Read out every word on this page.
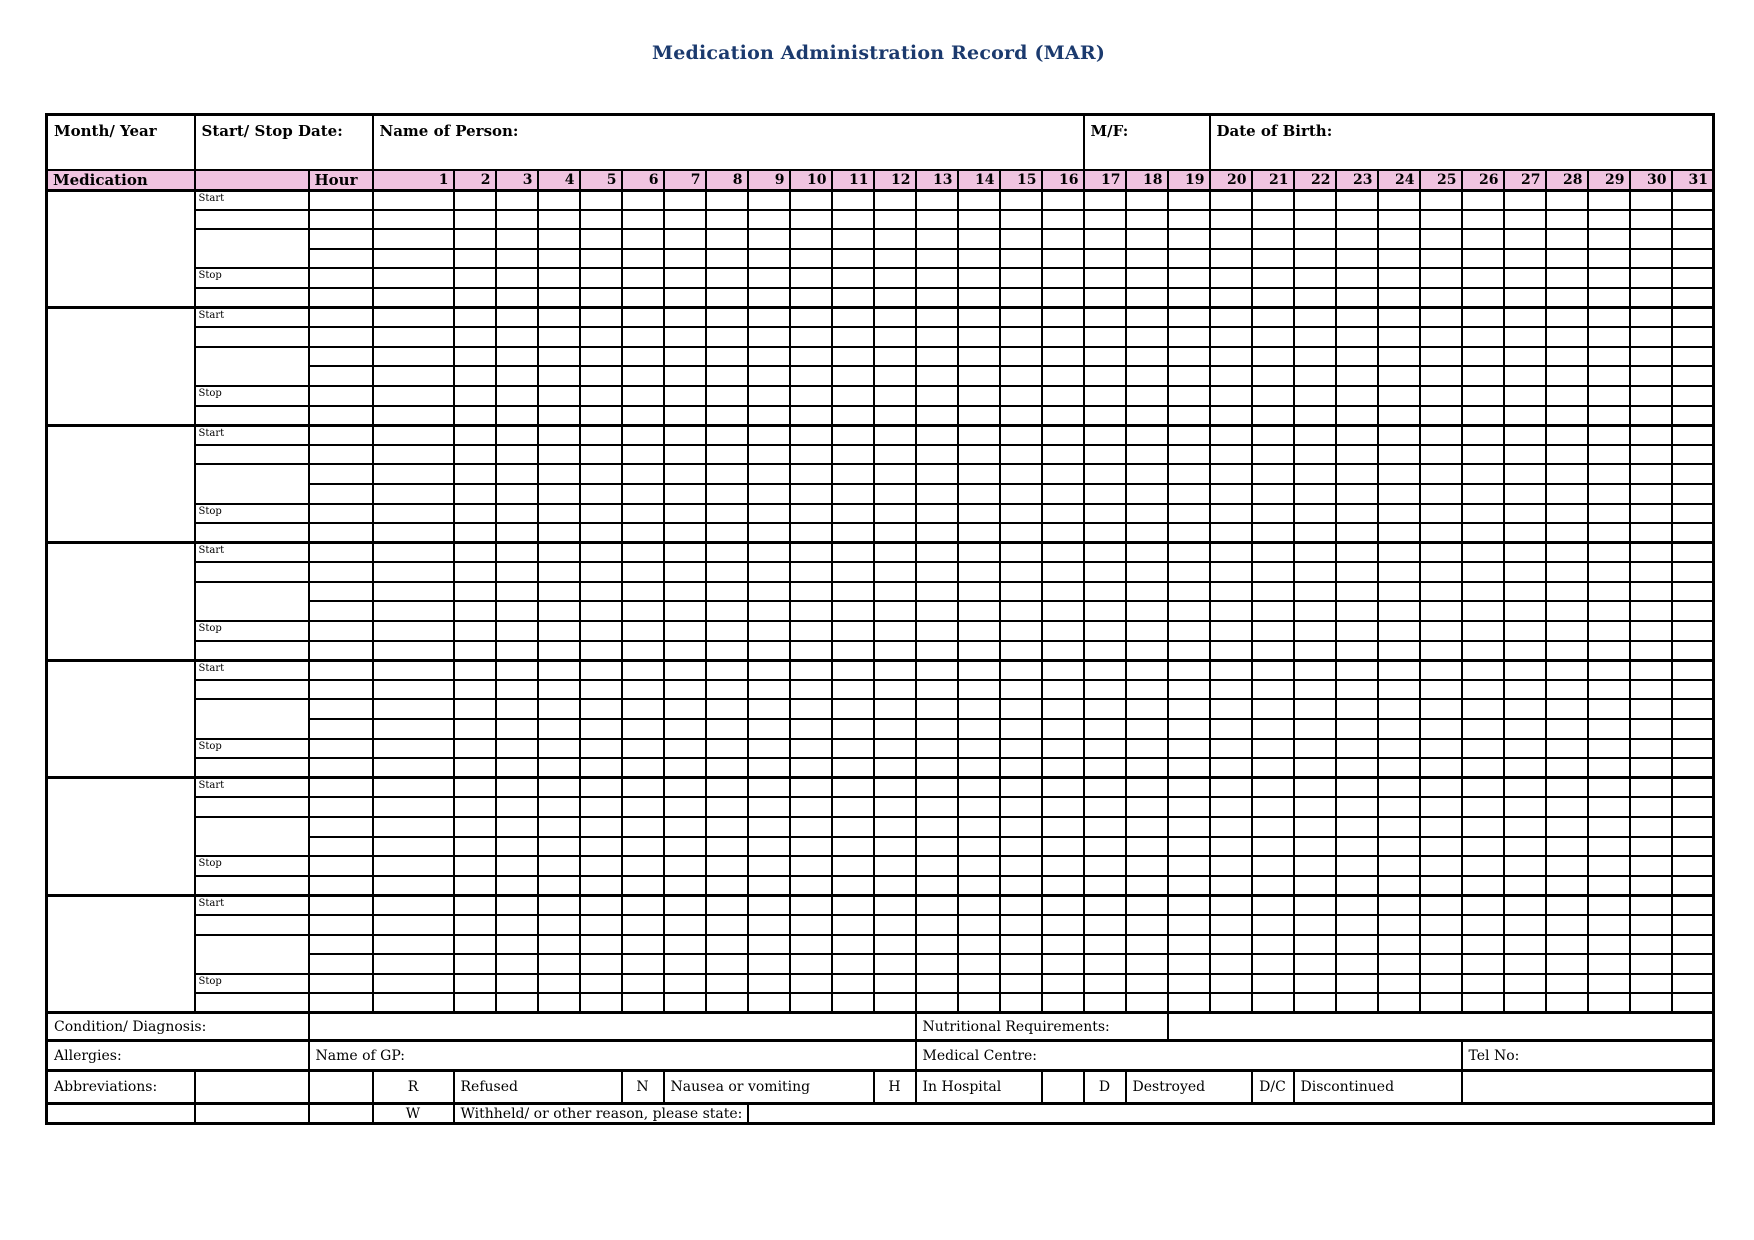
Medication Administration Record (MAR)
Month/ Year	Start/ Stop Date:		Name of Person:																M/F:			Date of Birth:											
Medication		Hour	1	2	3	4	5	6	7	8	9	10	11	12	13	14	15	16	17	18	19	20	21	22	23	24	25	26	27	28	29	30	31
	Start																																

	Stop																																

	Start																																

	Stop																																

	Start																																

	Stop																																

	Start																																

	Stop																																

	Start																																

	Stop																																

	Start																																

	Stop																																

	Start																																

	Stop																																

Condition/ Diagnosis:															Nutritional Requirements:																		
Allergies:		Name of GP:													Medical Centre:													Tel No:					
Abbreviations:			R	Refused				N	Nausea or vomiting					H	In Hospital				D	Destroyed			D/C	Discontinued									
			W	Withheld/ or other reason, please state:																													
